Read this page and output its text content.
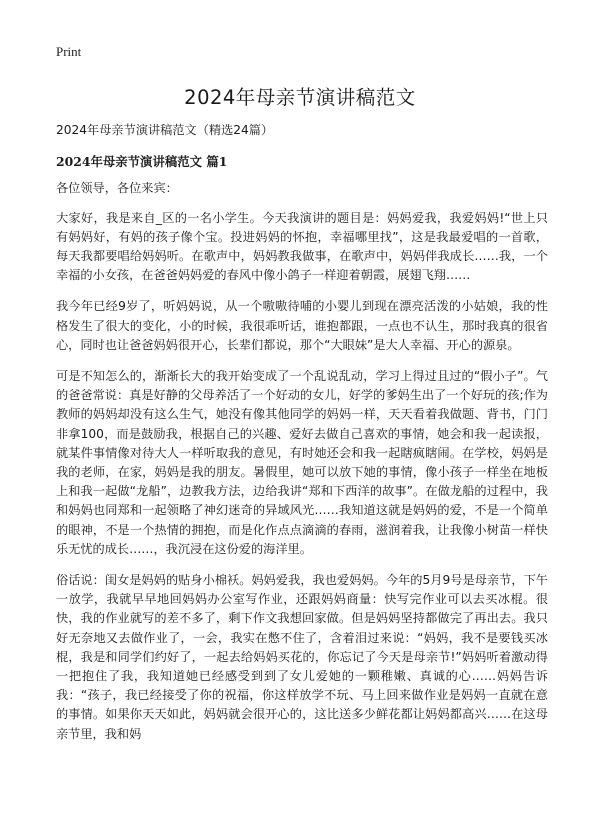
Print
2024年母亲节演讲稿范文

2024年母亲节演讲稿范文（精选24篇）

2024年母亲节演讲稿范文 篇1

各位领导，各位来宾：

大家好，我是来自_区的一名小学生。今天我演讲的题目是：妈妈爱我，我爱妈妈!“世上只有妈妈好，有妈的孩子像个宝。投进妈妈的怀抱，幸福哪里找”，这是我最爱唱的一首歌，每天我都要唱给妈妈听。在歌声中，妈妈教我做事，在歌声中，妈妈伴我成长……我，一个幸福的小女孩，在爸爸妈妈爱的春风中像小鸽子一样迎着朝霞，展翅飞翔……

我今年已经9岁了，听妈妈说，从一个嗷嗷待哺的小婴儿到现在漂亮活泼的小姑娘，我的性格发生了很大的变化，小的时候，我很乖听话，谁抱都跟，一点也不认生，那时我真的很省心，同时也让爸爸妈妈很开心，长辈们都说，那个“大眼妹”是大人幸福、开心的源泉。

可是不知怎么的，渐渐长大的我开始变成了一个乱说乱动，学习上得过且过的“假小子”。气的爸爸常说：真是好静的父母养活了一个好动的女儿，好学的爹妈生出了一个好玩的孩;作为教师的妈妈却没有这么生气，她没有像其他同学的妈妈一样，天天看着我做题、背书，门门非拿100，而是鼓励我，根据自己的兴趣、爱好去做自己喜欢的事情，她会和我一起读报，就某件事情像对待大人一样听取我的意见，有时她还会和我一起瞎疯瞎闹。在学校，妈妈是我的老师，在家，妈妈是我的朋友。暑假里，她可以放下她的事情，像小孩子一样坐在地板上和我一起做“龙船”，边教我方法，边给我讲“郑和下西洋的故事”。在做龙船的过程中，我和妈妈也同郑和一起领略了神幻迷奇的异域风光……我知道这就是妈妈的爱，不是一个简单的眼神，不是一个热情的拥抱，而是化作点点滴滴的春雨，滋润着我，让我像小树苗一样快乐无忧的成长……，我沉浸在这份爱的海洋里。

俗话说：闺女是妈妈的贴身小棉袄。妈妈爱我，我也爱妈妈。今年的5月9号是母亲节，下午一放学，我就早早地回妈妈办公室写作业，还跟妈妈商量：快写完作业可以去买冰棍。很快，我的作业就写的差不多了，剩下作文我想回家做。但是妈妈坚持都做完了再出去。我只好无奈地又去做作业了，一会，我实在憋不住了，含着泪过来说：“妈妈，我不是要钱买冰棍，我是和同学们约好了，一起去给妈妈买花的，你忘记了今天是母亲节!”妈妈听着激动得一把抱住了我，我知道她已经感受到到了女儿爱她的一颗稚嫩、真诚的心……妈妈告诉我：“孩子，我已经接受了你的祝福，你这样放学不玩、马上回来做作业是妈妈一直就在意的事情。如果你天天如此，妈妈就会很开心的，这比送多少鲜花都让妈妈都高兴……在这母亲节里，我和妈
